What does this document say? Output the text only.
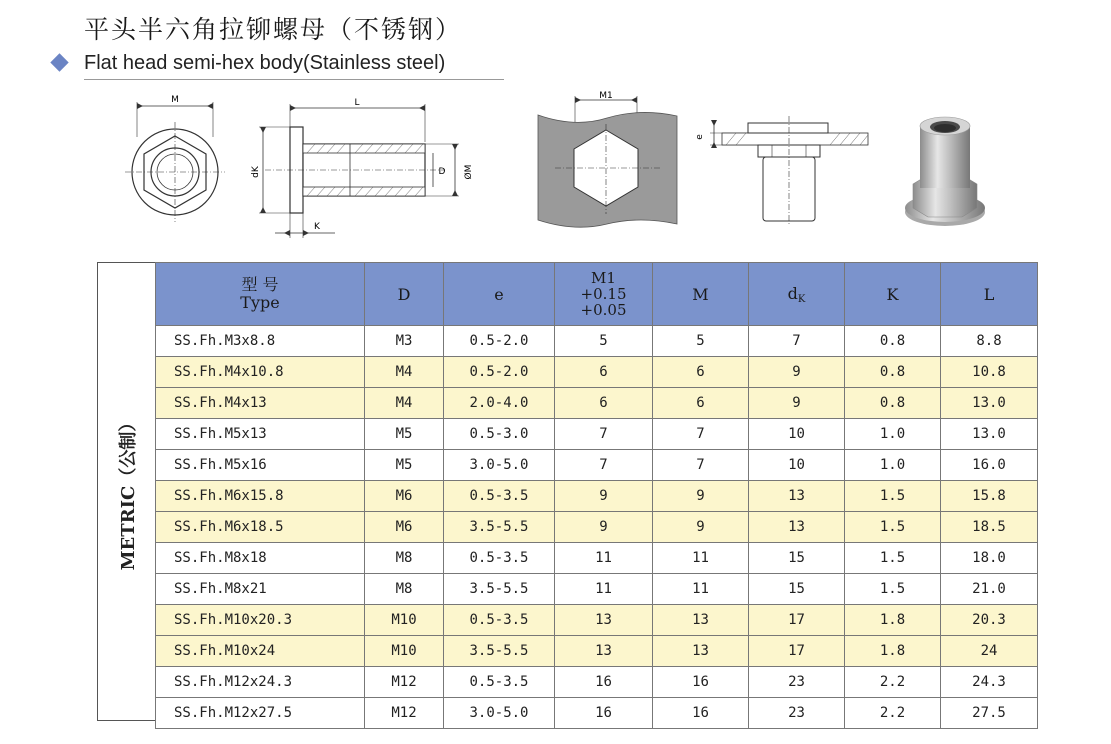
平头半六角拉铆螺母（不锈钢）
Flat head semi-hex body(Stainless steel)
M	L
dK	D ØM
K
M1
e
METRIC（公制）
型 号
Type	D	e	M1
+0.15
+0.05	M	$d_K$	K	L
SS.Fh.M3x8.8	M3	0.5-2.0	5	5	7	0.8	8.8
SS.Fh.M4x10.8	M4	0.5-2.0	6	6	9	0.8	10.8
SS.Fh.M4x13	M4	2.0-4.0	6	6	9	0.8	13.0
SS.Fh.M5x13	M5	0.5-3.0	7	7	10	1.0	13.0
SS.Fh.M5x16	M5	3.0-5.0	7	7	10	1.0	16.0
SS.Fh.M6x15.8	M6	0.5-3.5	9	9	13	1.5	15.8
SS.Fh.M6x18.5	M6	3.5-5.5	9	9	13	1.5	18.5
SS.Fh.M8x18	M8	0.5-3.5	11	11	15	1.5	18.0
SS.Fh.M8x21	M8	3.5-5.5	11	11	15	1.5	21.0
SS.Fh.M10x20.3	M10	0.5-3.5	13	13	17	1.8	20.3
SS.Fh.M10x24	M10	3.5-5.5	13	13	17	1.8	24
SS.Fh.M12x24.3	M12	0.5-3.5	16	16	23	2.2	24.3
SS.Fh.M12x27.5	M12	3.0-5.0	16	16	23	2.2	27.5
